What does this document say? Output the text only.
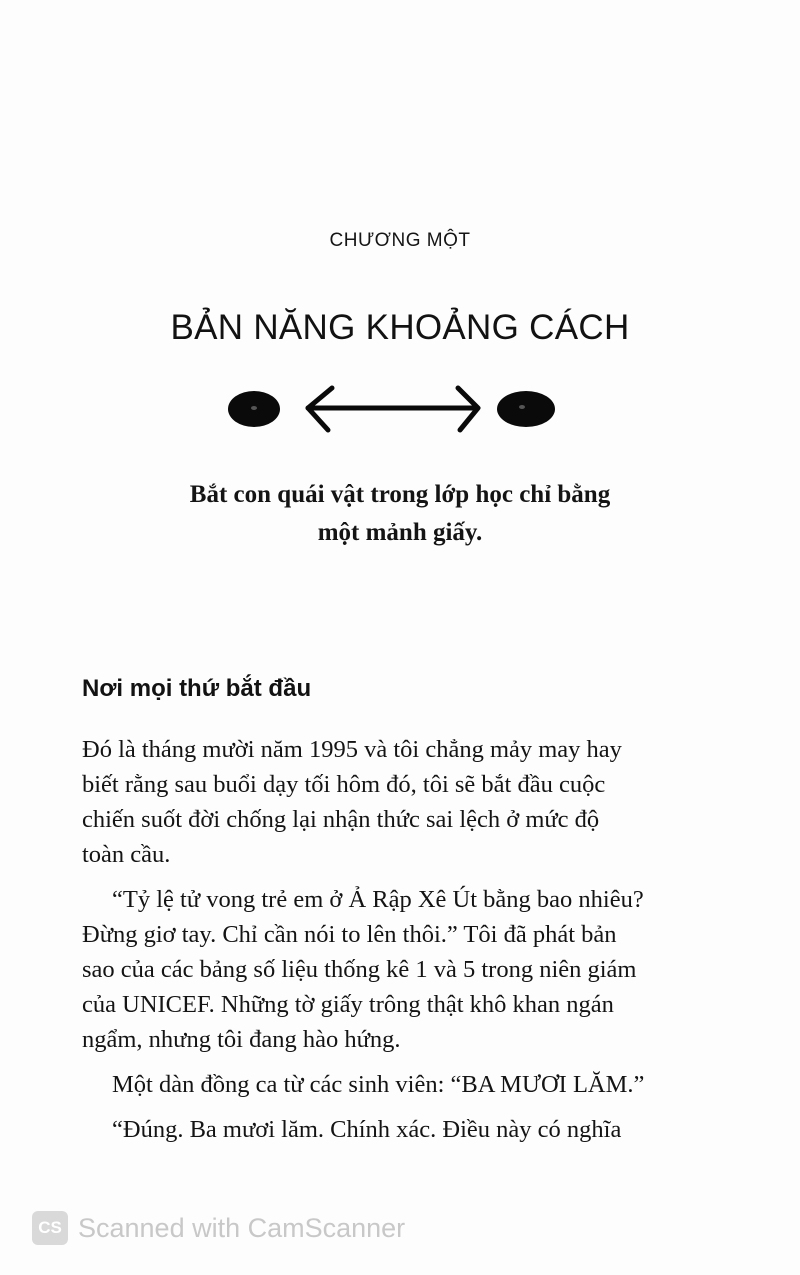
CHƯƠNG MỘT
BẢN NĂNG KHOẢNG CÁCH
Bắt con quái vật trong lớp học chỉ bằng
một mảnh giấy.
Nơi mọi thứ bắt đầu

Đó là tháng mười năm 1995 và tôi chẳng mảy may hay
biết rằng sau buổi dạy tối hôm đó, tôi sẽ bắt đầu cuộc
chiến suốt đời chống lại nhận thức sai lệch ở mức độ
toàn cầu.

“Tỷ lệ tử vong trẻ em ở Ả Rập Xê Út bằng bao nhiêu?
Đừng giơ tay. Chỉ cần nói to lên thôi.” Tôi đã phát bản
sao của các bảng số liệu thống kê 1 và 5 trong niên giám
của UNICEF. Những tờ giấy trông thật khô khan ngán
ngẩm, nhưng tôi đang hào hứng.

Một dàn đồng ca từ các sinh viên: “BA MƯƠI LĂM.”

“Đúng. Ba mươi lăm. Chính xác. Điều này có nghĩa

CS Scanned with CamScanner
